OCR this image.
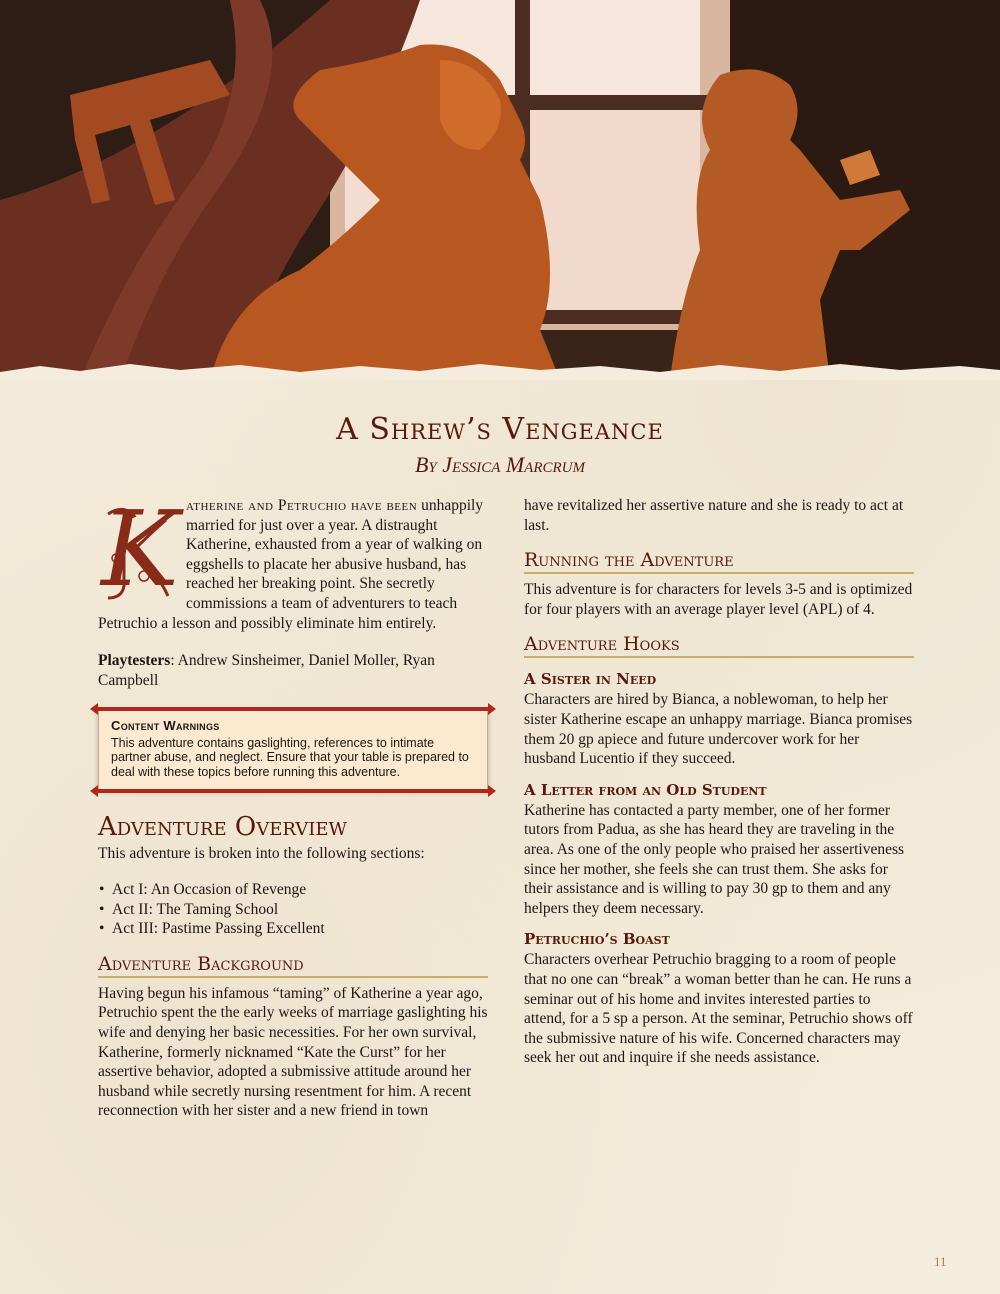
A Shrew’s Vengeance
By Jessica Marcrum
K atherine and Petruchio have been unhappily married for just over a year. A distraught Katherine, exhausted from a year of walking on eggshells to placate her abusive husband, has reached her breaking point. She secretly commissions a team of adventurers to teach Petruchio a lesson and possibly eliminate him entirely.

Playtesters: Andrew Sinsheimer, Daniel Moller, Ryan Campbell

Content Warnings
This adventure contains gaslighting, references to intimate partner abuse, and neglect. Ensure that your table is prepared to deal with these topics before running this adventure.
Adventure Overview

This adventure is broken into the following sections:

• Act I: An Occasion of Revenge
• Act II: The Taming School
• Act III: Pastime Passing Excellent
Adventure Background

Having begun his infamous “taming” of Katherine a year ago, Petruchio spent the the early weeks of marriage gaslighting his wife and denying her basic necessities. For her own survival, Katherine, formerly nicknamed “Kate the Curst” for her assertive behavior, adopted a submissive attitude around her husband while secretly nursing resentment for him. A recent reconnection with her sister and a new friend in town

have revitalized her assertive nature and she is ready to act at last.

Running the Adventure

This adventure is for characters for levels 3-5 and is optimized for four players with an average player level (APL) of 4.

Adventure Hooks
A Sister in Need

Characters are hired by Bianca, a noblewoman, to help her sister Katherine escape an unhappy marriage. Bianca promises them 20 gp apiece and future undercover work for her husband Lucentio if they succeed.

A Letter from an Old Student

Katherine has contacted a party member, one of her former tutors from Padua, as she has heard they are traveling in the area. As one of the only people who praised her assertiveness since her mother, she feels she can trust them. She asks for their assistance and is willing to pay 30 gp to them and any helpers they deem necessary.

Petruchio’s Boast

Characters overhear Petruchio bragging to a room of people that no one can “break” a woman better than he can. He runs a seminar out of his home and invites interested parties to attend, for a 5 sp a person. At the seminar, Petruchio shows off the submissive nature of his wife. Concerned characters may seek her out and inquire if she needs assistance.

11
